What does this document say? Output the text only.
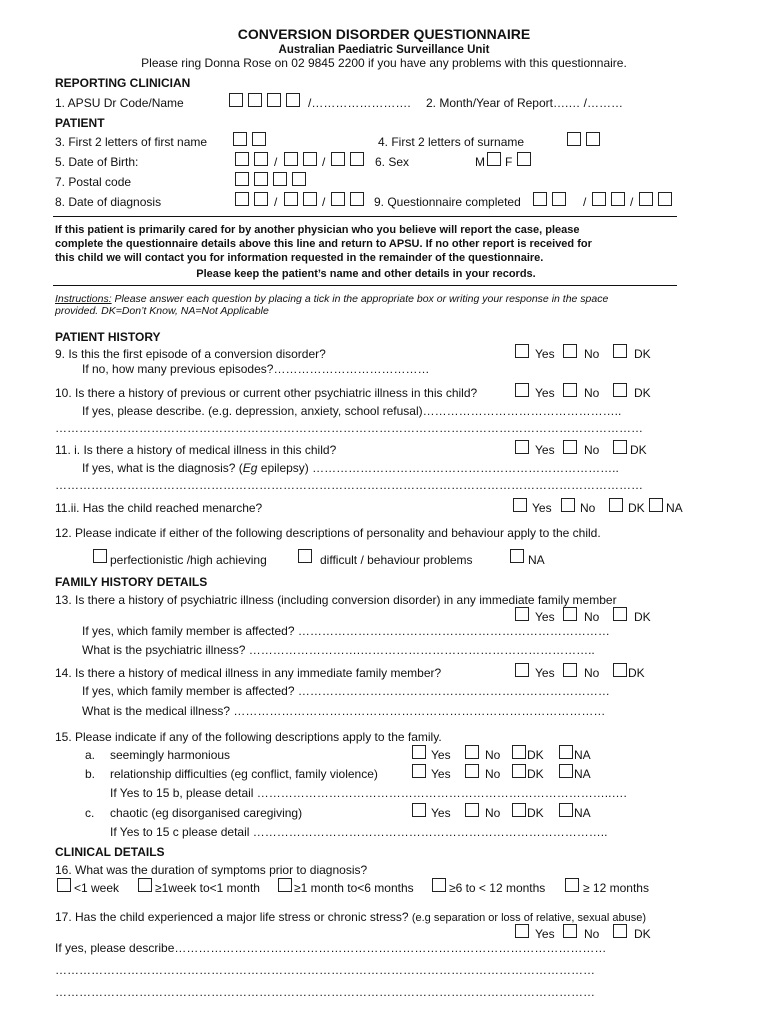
CONVERSION DISORDER QUESTIONNAIRE
Australian Paediatric Surveillance Unit
Please ring Donna Rose on 02 9845 2200 if you have any problems with this questionnaire.
REPORTING CLINICIAN
1. APSU Dr Code/Name	/……………………. 2. Month/Year of Report….… /………
PATIENT
3. First 2 letters of first name	4. First 2 letters of surname
5. Date of Birth:	/	/	6. Sex	M F
7. Postal code
8. Date of diagnosis	/	/	9. Questionnaire completed	/	/
If this patient is primarily cared for by another physician who you believe will report the case, please
complete the questionnaire details above this line and return to APSU. If no other report is received for
this child we will contact you for information requested in the remainder of the questionnaire.
Please keep the patient’s name and other details in your records.
Instructions: Please answer each question by placing a tick in the appropriate box or writing your response in the space
provided. DK=Don’t Know, NA=Not Applicable
PATIENT HISTORY
9. Is this the first episode of a conversion disorder?	Yes No	DK
If no, how many previous episodes?…………………………………
10. Is there a history of previous or current other psychiatric illness in this child?	Yes No	DK
If yes, please describe. (e.g. depression, anxiety, school refusal)…………………………………………..
…………………………………………………………………………………………………………………………………
11. i. Is there a history of medical illness in this child?	Yes No	DK
If yes, what is the diagnosis? (Eg epilepsy) …………………………………………………………………..
…………………………………………………………………………………………………………………………………
11.ii. Has the child reached menarche?	Yes No	DK NA
12. Please indicate if either of the following descriptions of personality and behaviour apply to the child.
perfectionistic /high achieving	difficult / behaviour problems	NA
FAMILY HISTORY DETAILS
13. Is there a history of psychiatric illness (including conversion disorder) in any immediate family member
Yes No	DK
If yes, which family member is affected? ……………………………………………………………………
What is the psychiatric illness? ……………………….…………………………………………………..
14. Is there a history of medical illness in any immediate family member?	Yes No DK
If yes, which family member is affected? ……………………………………………………………………
What is the medical illness? …………………………………………………………………………………
15. Please indicate if any of the following descriptions apply to the family.
a. seemingly harmonious	Yes	No DK	NA
b. relationship difficulties (eg conflict, family violence)	Yes	No DK	NA
If Yes to 15 b, please detail ……………………………………………………………………………..….
c. chaotic (eg disorganised caregiving)	Yes	No DK	NA
If Yes to 15 c please detail ……………………………………………………………………………..
CLINICAL DETAILS
16. What was the duration of symptoms prior to diagnosis?
<1 week	≥1week to<1 month	≥1 month to<6 months	≥6 to < 12 months	≥ 12 months
17. Has the child experienced a major life stress or chronic stress? (e.g separation or loss of relative, sexual abuse)
Yes No	DK
If yes, please describe………………………………………………………………………………………………
………………………………………………………………………………………………………………………
………………………………………………………………………………………………………………………
